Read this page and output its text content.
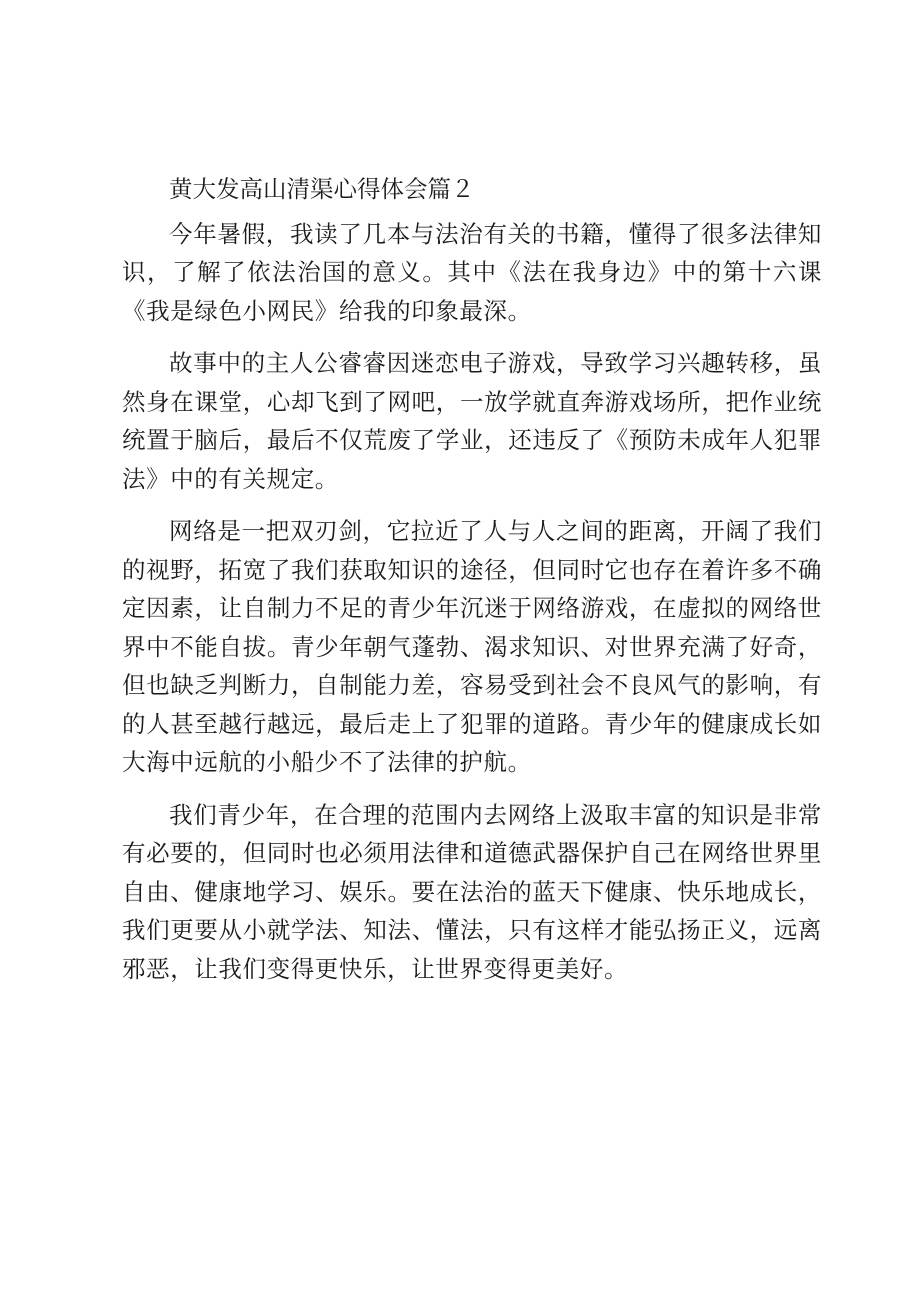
黄大发高山清渠心得体会篇２

今年暑假，我读了几本与法治有关的书籍，懂得了很多法律知识，了解了依法治国的意义。其中《法在我身边》中的第十六课《我是绿色小网民》给我的印象最深。

故事中的主人公睿睿因迷恋电子游戏，导致学习兴趣转移，虽然身在课堂，心却飞到了网吧，一放学就直奔游戏场所，把作业统统置于脑后，最后不仅荒废了学业，还违反了《预防未成年人犯罪法》中的有关规定。

网络是一把双刃剑，它拉近了人与人之间的距离，开阔了我们的视野，拓宽了我们获取知识的途径，但同时它也存在着许多不确定因素，让自制力不足的青少年沉迷于网络游戏，在虚拟的网络世界中不能自拔。青少年朝气蓬勃、渴求知识、对世界充满了好奇，但也缺乏判断力，自制能力差，容易受到社会不良风气的影响，有的人甚至越行越远，最后走上了犯罪的道路。青少年的健康成长如大海中远航的小船少不了法律的护航。

我们青少年，在合理的范围内去网络上汲取丰富的知识是非常有必要的，但同时也必须用法律和道德武器保护自己在网络世界里自由、健康地学习、娱乐。要在法治的蓝天下健康、快乐地成长，我们更要从小就学法、知法、懂法，只有这样才能弘扬正义，远离邪恶，让我们变得更快乐，让世界变得更美好。
